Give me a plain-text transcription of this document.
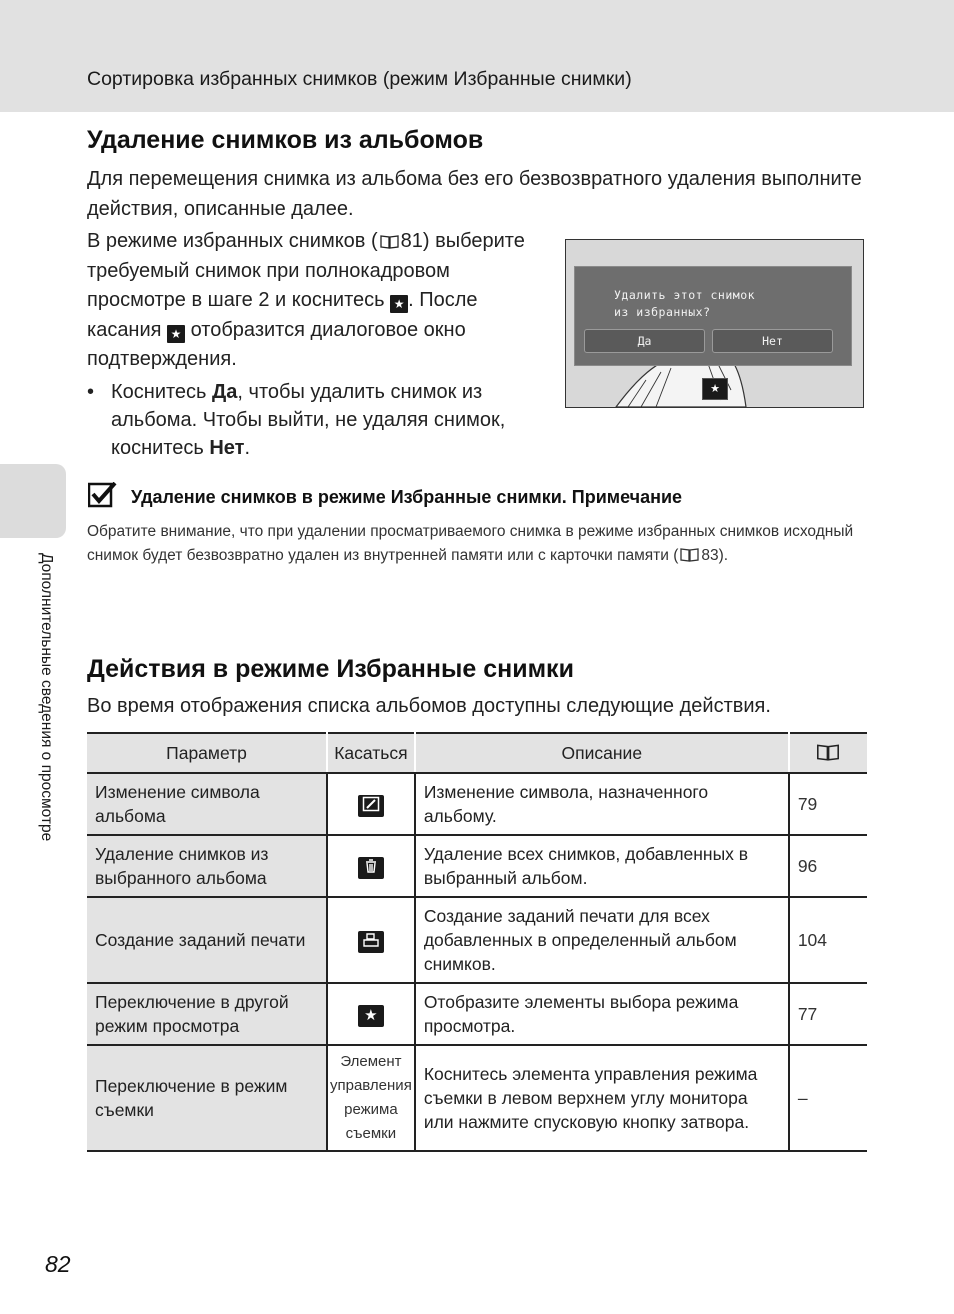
Сортировка избранных снимков (режим Избранные снимки)
Дополнительные сведения о просмотре
Удаление снимков из альбомов

Для перемещения снимка из альбома без его безвозвратного удаления выполните действия, описанные далее.

В режиме избранных снимков ( 81) выберите требуемый снимок при полнокадровом просмотре в шаге 2 и коснитесь ★ . После касания ★ отобразится диалоговое окно подтверждения.

• Коснитесь Да, чтобы удалить снимок из альбома. Чтобы выйти, не удаляя снимок, коснитесь Нет.
Удалить этот снимок
из избранных?
Да	Нет
★
Удаление снимков в режиме Избранные снимки. Примечание

Обратите внимание, что при удалении просматриваемого снимка в режиме избранных снимков исходный снимок будет безвозвратно удален из внутренней памяти или с карточки памяти ( 83).

Действия в режиме Избранные снимки

Во время отображения списка альбомов доступны следующие действия.

Параметр	Касаться	Описание	
Изменение символа альбома		Изменение символа, назначенного альбому.	79
Удаление снимков из выбранного альбома		Удаление всех снимков, добавленных в выбранный альбом.	96
Создание заданий печати		Создание заданий печати для всех добавленных в определенный альбом снимков.	104
Переключение в другой режим просмотра	★	Отобразите элементы выбора режима просмотра.	77
Переключение в режим съемки	Элемент управления режима съемки	Коснитесь элемента управления режима съемки в левом верхнем углу монитора или нажмите спусковую кнопку затвора.	–
82
